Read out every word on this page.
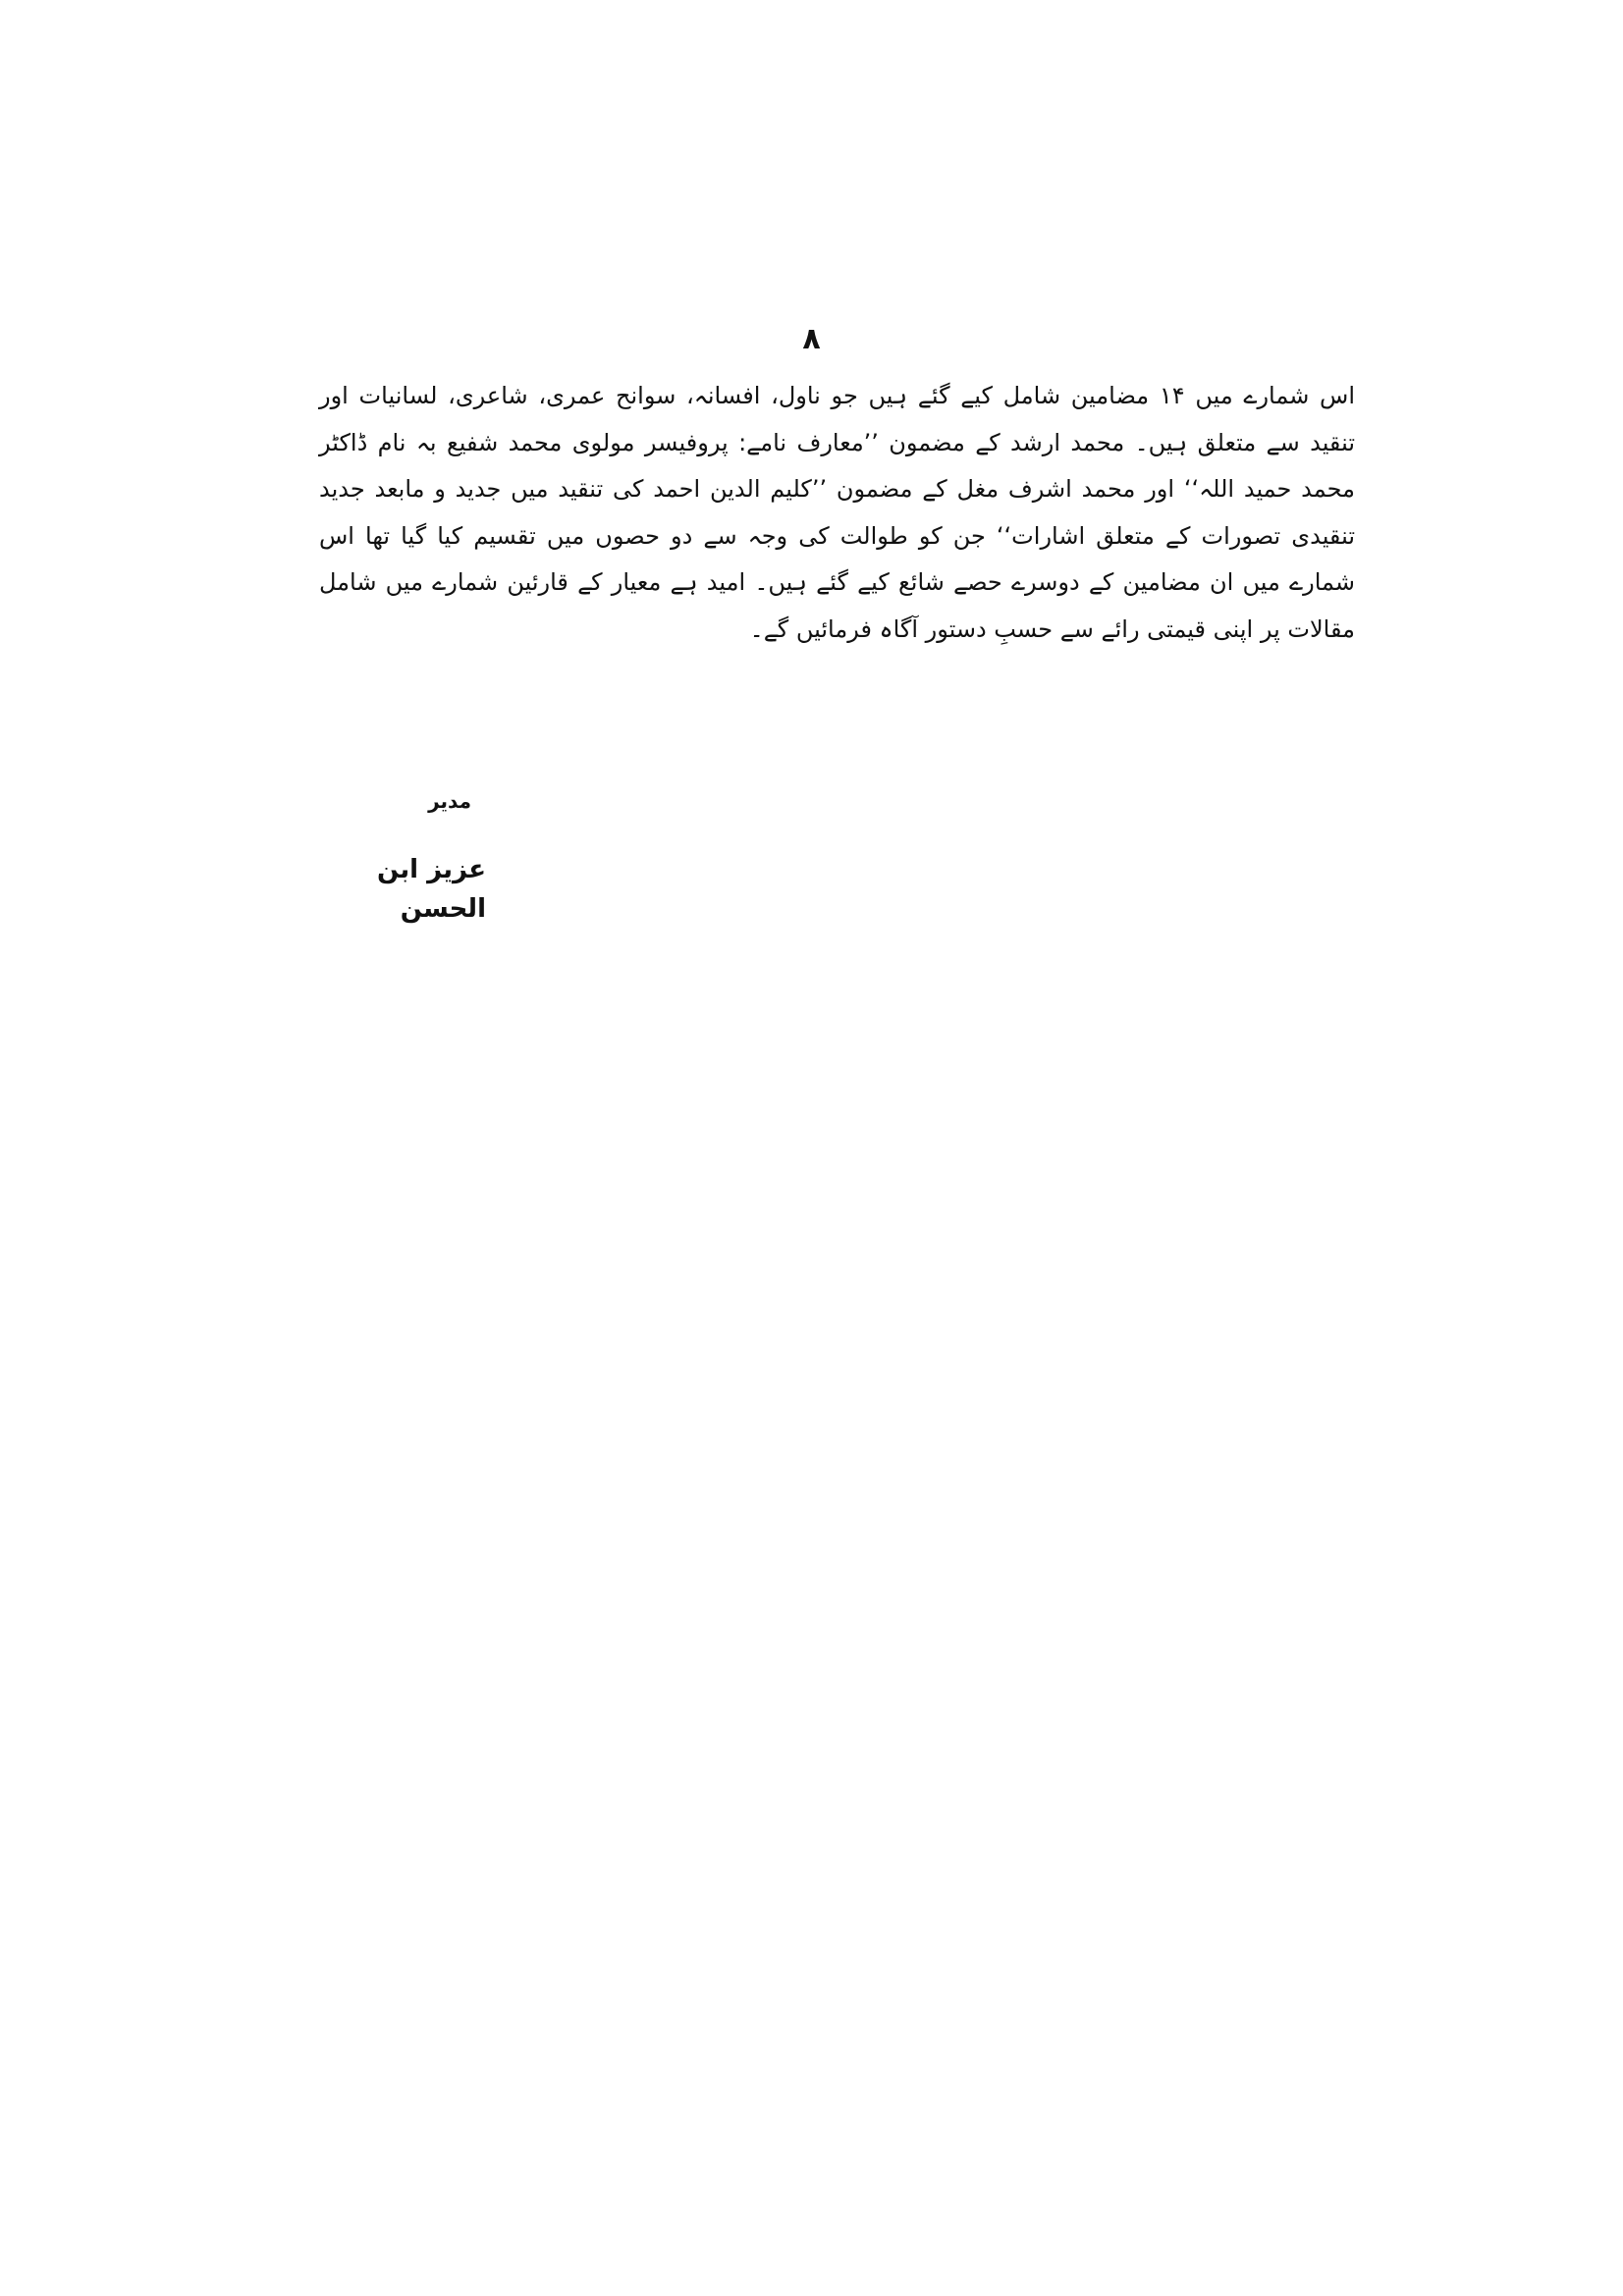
۸

اس شمارے میں ۱۴ مضامین شامل کیے گئے ہیں جو ناول، افسانہ، سوانح عمری، شاعری، لسانیات اور تنقید سے متعلق ہیں۔ محمد ارشد کے مضمون ’’معارف نامے: پروفیسر مولوی محمد شفیع بہ نام ڈاکٹر محمد حمید اللہ‘‘ اور محمد اشرف مغل کے مضمون ’’کلیم الدین احمد کی تنقید میں جدید و مابعد جدید تنقیدی تصورات کے متعلق اشارات‘‘ جن کو طوالت کی وجہ سے دو حصوں میں تقسیم کیا گیا تھا اس شمارے میں ان مضامین کے دوسرے حصے شائع کیے گئے ہیں۔ امید ہے معیار کے قارئین شمارے میں شامل مقالات پر اپنی قیمتی رائے سے حسبِ دستور آگاہ فرمائیں گے۔

مدیر
عزیز ابن الحسن
